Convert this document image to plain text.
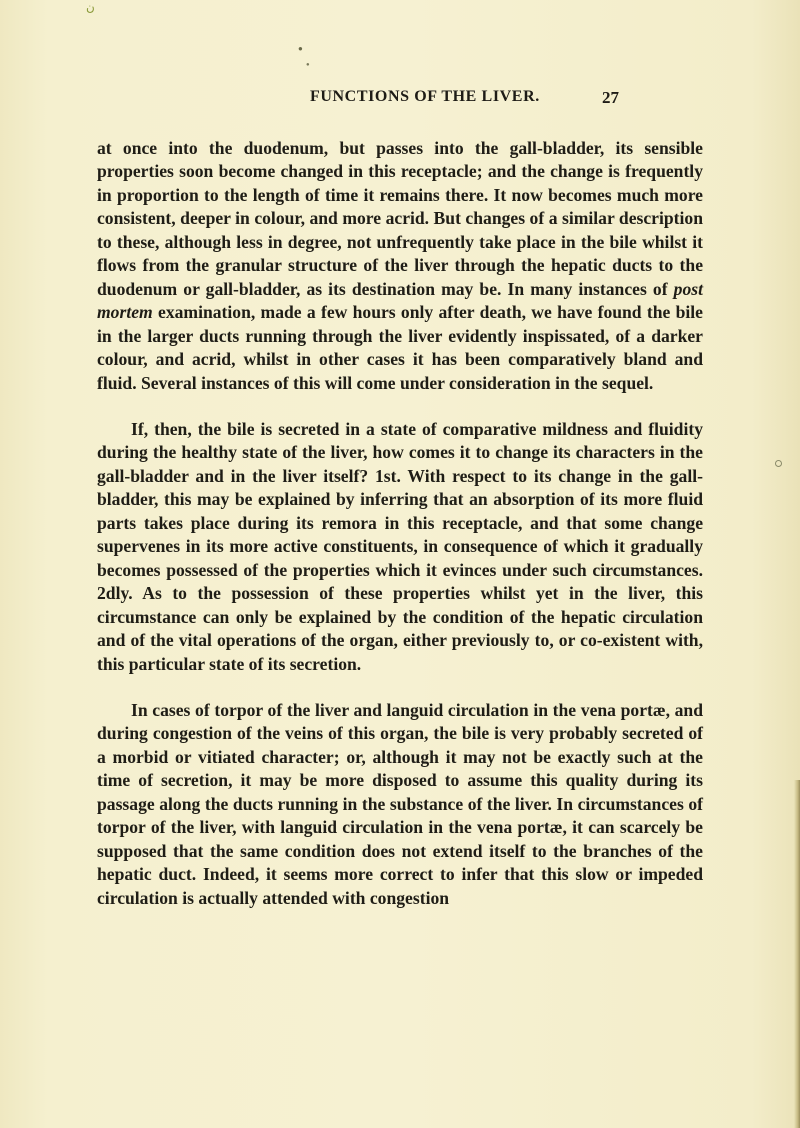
ن
●
●
FUNCTIONS OF THE LIVER.	27

at once into the duodenum, but passes into the gall-bladder, its sensible properties soon become changed in this receptacle; and the change is frequently in proportion to the length of time it remains there. It now becomes much more consistent, deeper in colour, and more acrid. But changes of a similar description to these, although less in degree, not unfrequently take place in the bile whilst it flows from the granular structure of the liver through the hepatic ducts to the duodenum or gall-bladder, as its destination may be. In many instances of post mortem examination, made a few hours only after death, we have found the bile in the larger ducts running through the liver evidently inspissated, of a darker colour, and acrid, whilst in other cases it has been comparatively bland and fluid. Several instances of this will come under consideration in the sequel.

If, then, the bile is secreted in a state of comparative mildness and fluidity during the healthy state of the liver, how comes it to change its characters in the gall-bladder and in the liver itself? 1st. With respect to its change in the gall-bladder, this may be explained by inferring that an absorption of its more fluid parts takes place during its remora in this receptacle, and that some change supervenes in its more active constituents, in consequence of which it gradually becomes possessed of the properties which it evinces under such circumstances. 2dly. As to the possession of these properties whilst yet in the liver, this circumstance can only be explained by the condition of the hepatic circulation and of the vital operations of the organ, either previously to, or co-existent with, this particular state of its secretion.

In cases of torpor of the liver and languid circulation in the vena portæ, and during congestion of the veins of this organ, the bile is very probably secreted of a morbid or vitiated character; or, although it may not be exactly such at the time of secretion, it may be more disposed to assume this quality during its passage along the ducts running in the substance of the liver. In circumstances of torpor of the liver, with languid circulation in the vena portæ, it can scarcely be supposed that the same condition does not extend itself to the branches of the hepatic duct. Indeed, it seems more correct to infer that this slow or impeded circulation is actually attended with congestion
